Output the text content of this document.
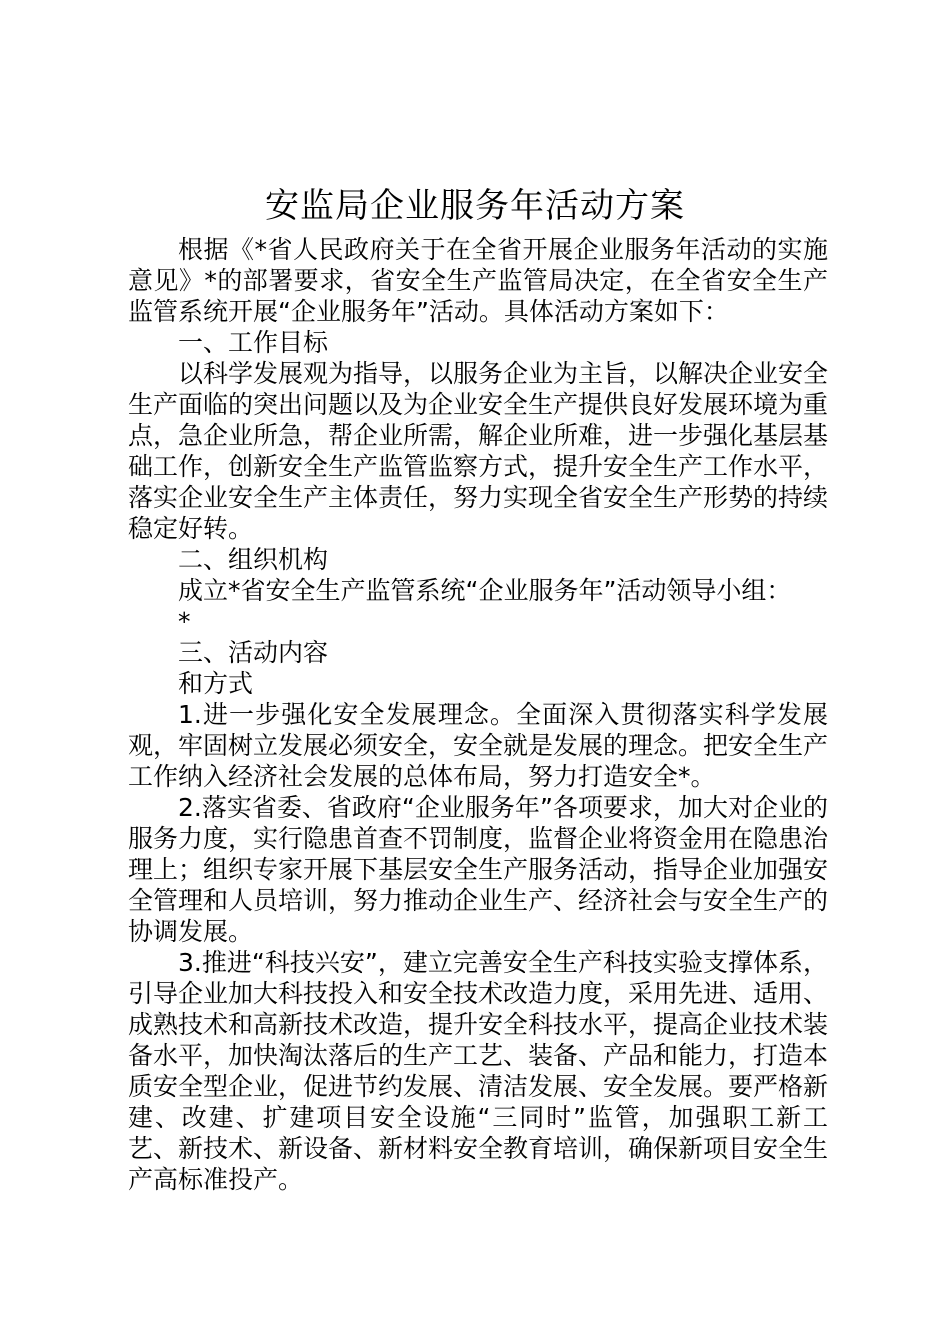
安监局企业服务年活动方案

根据《*省人民政府关于在全省开展企业服务年活动的实施意见》*的部署要求，省安全生产监管局决定，在全省安全生产监管系统开展“企业服务年”活动。具体活动方案如下：

一、工作目标

以科学发展观为指导，以服务企业为主旨，以解决企业安全生产面临的突出问题以及为企业安全生产提供良好发展环境为重点，急企业所急，帮企业所需，解企业所难，进一步强化基层基础工作，创新安全生产监管监察方式，提升安全生产工作水平，落实企业安全生产主体责任，努力实现全省安全生产形势的持续稳定好转。

二、组织机构

成立*省安全生产监管系统“企业服务年”活动领导小组：

*

三、活动内容

和方式

1.进一步强化安全发展理念。全面深入贯彻落实科学发展观，牢固树立发展必须安全，安全就是发展的理念。把安全生产工作纳入经济社会发展的总体布局，努力打造安全*。

2.落实省委、省政府“企业服务年”各项要求，加大对企业的服务力度，实行隐患首查不罚制度，监督企业将资金用在隐患治理上；组织专家开展下基层安全生产服务活动，指导企业加强安全管理和人员培训，努力推动企业生产、经济社会与安全生产的协调发展。

3.推进“科技兴安”，建立完善安全生产科技实验支撑体系，引导企业加大科技投入和安全技术改造力度，采用先进、适用、成熟技术和高新技术改造，提升安全科技水平，提高企业技术装备水平，加快淘汰落后的生产工艺、装备、产品和能力，打造本质安全型企业，促进节约发展、清洁发展、安全发展。要严格新建、改建、扩建项目安全设施“三同时”监管，加强职工新工艺、新技术、新设备、新材料安全教育培训，确保新项目安全生产高标准投产。
